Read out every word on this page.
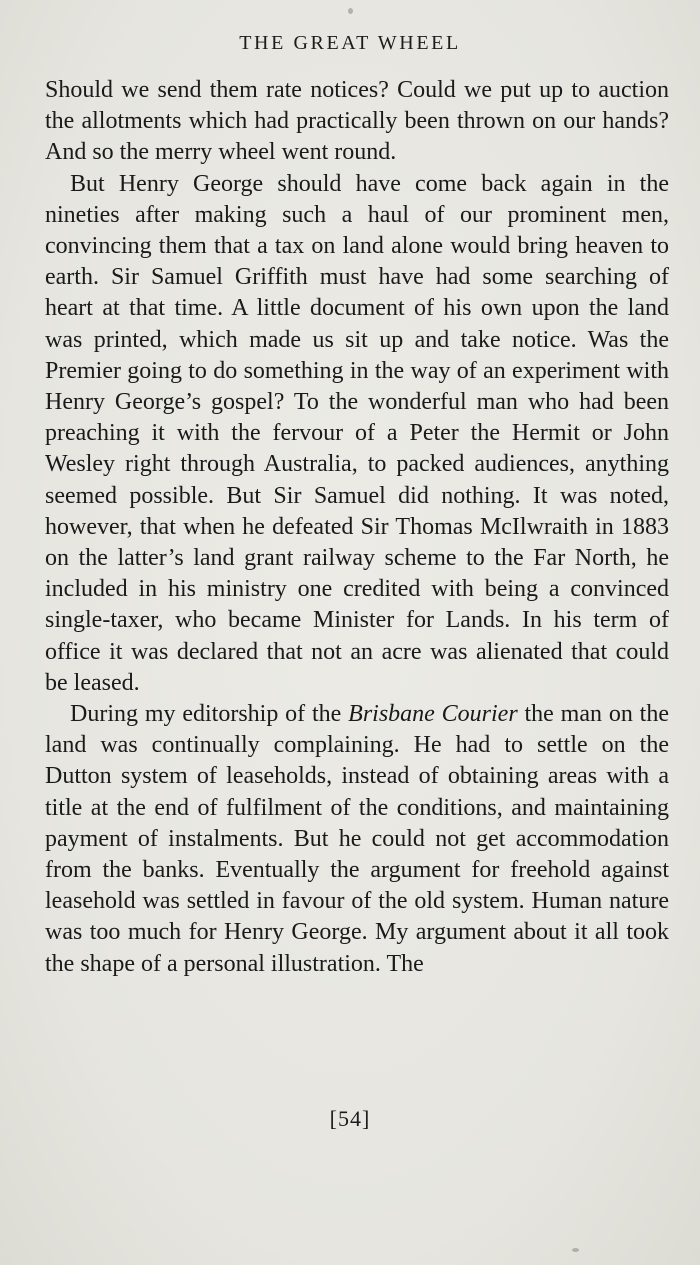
THE GREAT WHEEL

Should we send them rate notices? Could we put up to auction the allotments which had practically been thrown on our hands? And so the merry wheel went round.

But Henry George should have come back again in the nineties after making such a haul of our prominent men, convincing them that a tax on land alone would bring heaven to earth. Sir Samuel Griffith must have had some searching of heart at that time. A little document of his own upon the land was printed, which made us sit up and take notice. Was the Premier going to do something in the way of an experiment with Henry George’s gospel? To the wonderful man who had been preaching it with the fervour of a Peter the Hermit or John Wesley right through Australia, to packed audiences, anything seemed possible. But Sir Samuel did nothing. It was noted, however, that when he defeated Sir Thomas McIlwraith in 1883 on the latter’s land grant railway scheme to the Far North, he included in his ministry one credited with being a convinced single-taxer, who became Minister for Lands. In his term of office it was declared that not an acre was alienated that could be leased.

During my editorship of the Brisbane Courier the man on the land was continually complaining. He had to settle on the Dutton system of leaseholds, instead of obtaining areas with a title at the end of fulfilment of the conditions, and maintaining payment of instalments. But he could not get accommodation from the banks. Eventually the argument for freehold against leasehold was settled in favour of the old system. Human nature was too much for Henry George. My argument about it all took the shape of a personal illustration. The

[54]
